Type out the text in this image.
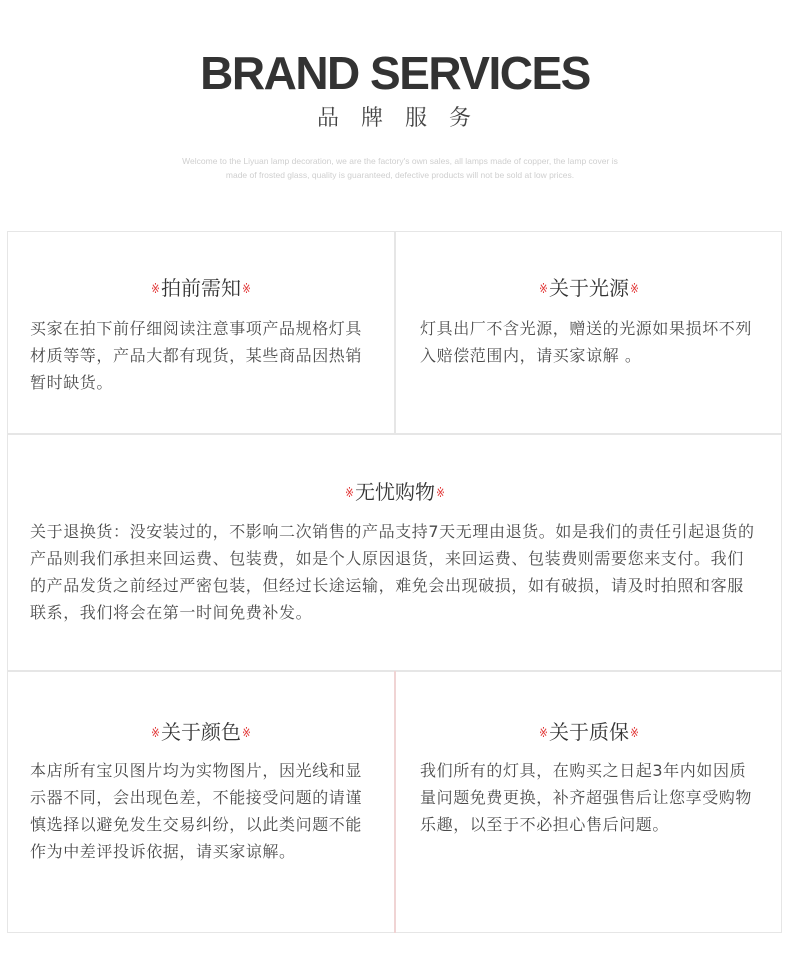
BRAND SERVICES
品牌服务
Welcome to the Liyuan lamp decoration, we are the factory's own sales, all lamps made of copper, the lamp cover is
made of frosted glass, quality is guaranteed, defective products will not be sold at low prices.
※拍前需知※
买家在拍下前仔细阅读注意事项产品规格灯具材质等等，产品大都有现货，某些商品因热销暂时缺货。
※关于光源※
灯具出厂不含光源，赠送的光源如果损坏不列入赔偿范围内，请买家谅解 。
※无忧购物※
关于退换货：没安装过的，不影响二次销售的产品支持7天无理由退货。如是我们的责任引起退货的产品则我们承担来回运费、包装费，如是个人原因退货，来回运费、包装费则需要您来支付。我们的产品发货之前经过严密包装，但经过长途运输，难免会出现破损，如有破损，请及时拍照和客服联系，我们将会在第一时间免费补发。
※关于颜色※
本店所有宝贝图片均为实物图片，因光线和显示器不同，会出现色差，不能接受问题的请谨慎选择以避免发生交易纠纷，以此类问题不能作为中差评投诉依据，请买家谅解。
※关于质保※
我们所有的灯具，在购买之日起3年内如因质量问题免费更换，补齐超强售后让您享受购物乐趣，以至于不必担心售后问题。
